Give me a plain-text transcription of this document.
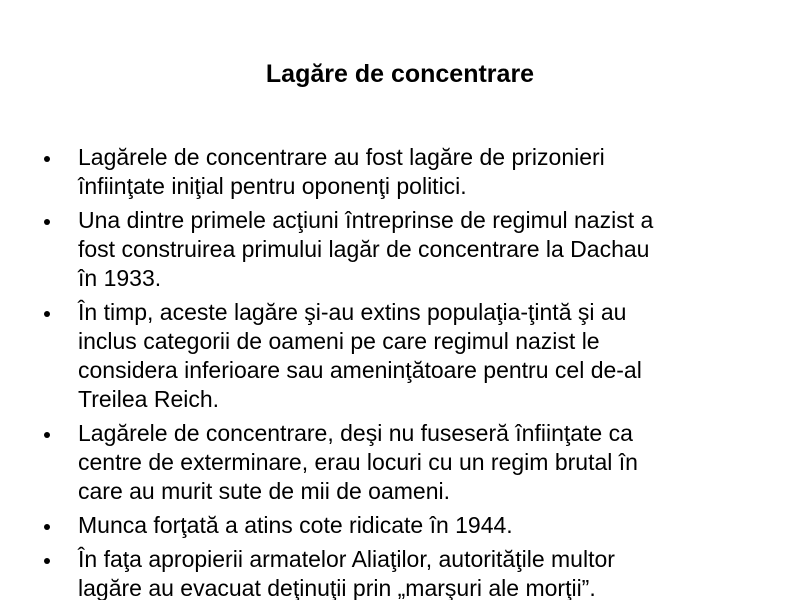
Lagăre de concentrare
Lagărele de concentrare au fost lagăre de prizonieri
înfiinţate iniţial pentru oponenţi politici.
Una dintre primele acţiuni întreprinse de regimul nazist a
fost construirea primului lagăr de concentrare la Dachau
în 1933.
În timp, aceste lagăre şi-au extins populaţia-ţintă şi au
inclus categorii de oameni pe care regimul nazist le
considera inferioare sau ameninţătoare pentru cel de-al
Treilea Reich.
Lagărele de concentrare, deşi nu fuseseră înfiinţate ca
centre de exterminare, erau locuri cu un regim brutal în
care au murit sute de mii de oameni.
Munca forţată a atins cote ridicate în 1944.
În faţa apropierii armatelor Aliaţilor, autorităţile multor
lagăre au evacuat deţinuţii prin „marşuri ale morţii”.
